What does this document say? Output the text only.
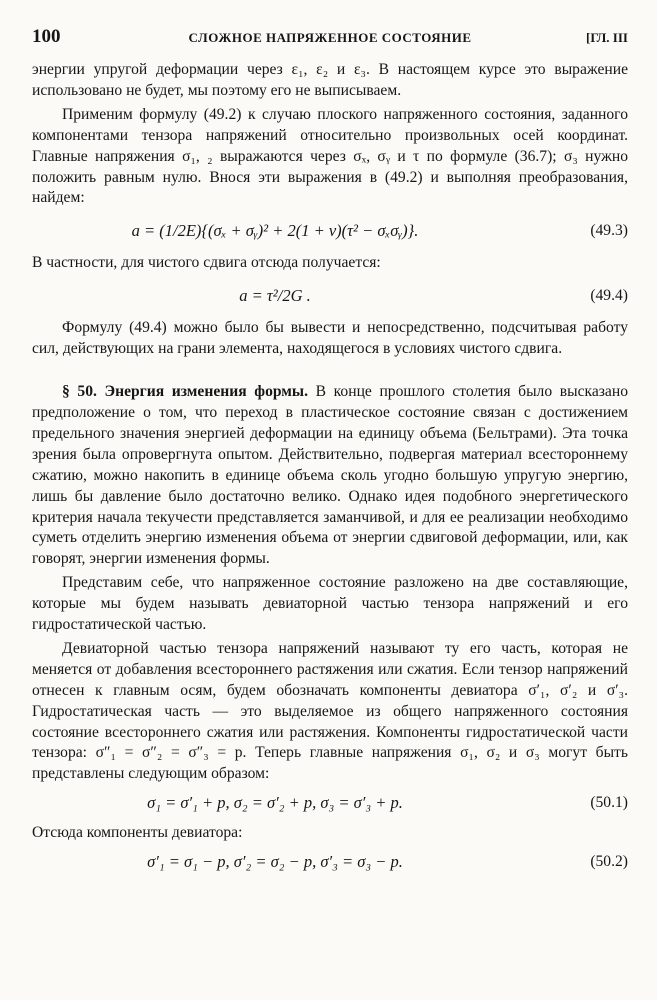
100	СЛОЖНОЕ НАПРЯЖЕННОЕ СОСТОЯНИЕ	[ГЛ. III

энергии упругой деформации через ε₁, ε₂ и ε₃. В настоящем курсе это выражение использовано не будет, мы поэтому его не выписываем.

Применим формулу (49.2) к случаю плоского напряженного состояния, заданного компонентами тензора напряжений относительно произвольных осей координат. Главные напряжения σ₁, ₂ выражаются через σₓ, σᵧ и τ по формуле (36.7); σ₃ нужно положить равным нулю. Внося эти выражения в (49.2) и выполняя преобразования, найдем:

a = (1/2E){(σₓ + σᵧ)² + 2(1 + ν)(τ² − σₓσᵧ)}.	(49.3)

В частности, для чистого сдвига отсюда получается:

a = τ²/2G .	(49.4)

Формулу (49.4) можно было бы вывести и непосредственно, подсчитывая работу сил, действующих на грани элемента, находящегося в условиях чистого сдвига.

§ 50. Энергия изменения формы. В конце прошлого столетия было высказано предположение о том, что переход в пластическое состояние связан с достижением предельного значения энергией деформации на единицу объема (Бельтрами). Эта точка зрения была опровергнута опытом. Действительно, подвергая материал всестороннему сжатию, можно накопить в единице объема сколь угодно большую упругую энергию, лишь бы давление было достаточно велико. Однако идея подобного энергетического критерия начала текучести представляется заманчивой, и для ее реализации необходимо суметь отделить энергию изменения объема от энергии сдвиговой деформации, или, как говорят, энергии изменения формы.

Представим себе, что напряженное состояние разложено на две составляющие, которые мы будем называть девиаторной частью тензора напряжений и его гидростатической частью.

Девиаторной частью тензора напряжений называют ту его часть, которая не меняется от добавления всестороннего растяжения или сжатия. Если тензор напряжений отнесен к главным осям, будем обозначать компоненты девиатора σ′₁, σ′₂ и σ′₃. Гидростатическая часть — это выделяемое из общего напряженного состояния состояние всестороннего сжатия или растяжения. Компоненты гидростатической части тензора: σ″₁ = σ″₂ = σ″₃ = p. Теперь главные напряжения σ₁, σ₂ и σ₃ могут быть представлены следующим образом:

σ₁ = σ′₁ + p, σ₂ = σ′₂ + p, σ₃ = σ′₃ + p.	(50.1)

Отсюда компоненты девиатора:

σ′₁ = σ₁ − p, σ′₂ = σ₂ − p, σ′₃ = σ₃ − p.	(50.2)
